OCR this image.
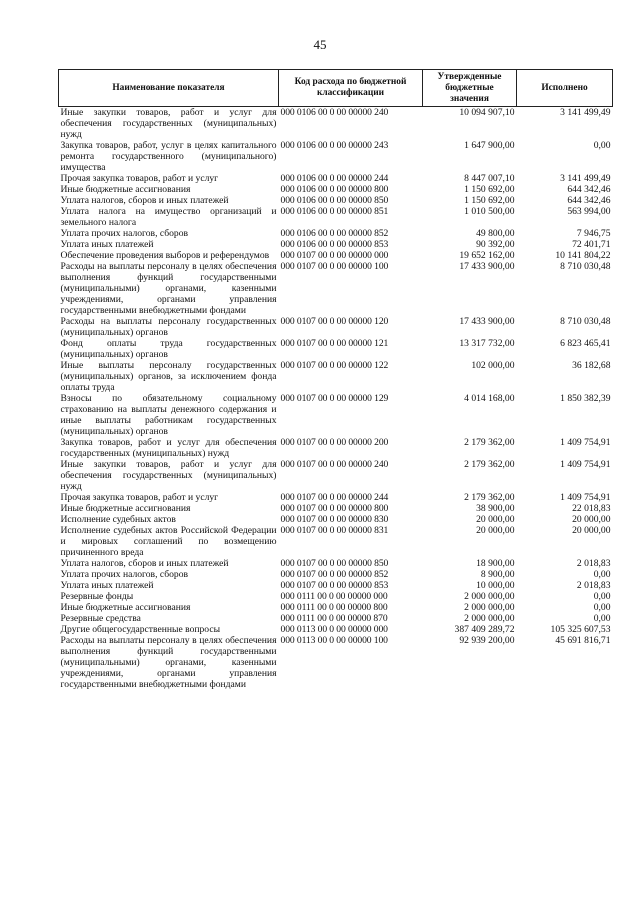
45
Наименование показателя	Код расхода по бюджетной классификации	Утвержденные бюджетные значения	Исполнено
Иные закупки товаров, работ и услуг для обеспечения государственных (муниципальных) нужд	000 0106 00 0 00 00000 240	10 094 907,10	3 141 499,49
Закупка товаров, работ, услуг в целях капитального ремонта государственного (муниципального) имущества	000 0106 00 0 00 00000 243	1 647 900,00	0,00
Прочая закупка товаров, работ и услуг	000 0106 00 0 00 00000 244	8 447 007,10	3 141 499,49
Иные бюджетные ассигнования	000 0106 00 0 00 00000 800	1 150 692,00	644 342,46
Уплата налогов, сборов и иных платежей	000 0106 00 0 00 00000 850	1 150 692,00	644 342,46
Уплата налога на имущество организаций и земельного налога	000 0106 00 0 00 00000 851	1 010 500,00	563 994,00
Уплата прочих налогов, сборов	000 0106 00 0 00 00000 852	49 800,00	7 946,75
Уплата иных платежей	000 0106 00 0 00 00000 853	90 392,00	72 401,71
Обеспечение проведения выборов и референдумов	000 0107 00 0 00 00000 000	19 652 162,00	10 141 804,22
Расходы на выплаты персоналу в целях обеспечения выполнения функций государственными (муниципальными) органами, казенными учреждениями, органами управления государственными внебюджетными фондами	000 0107 00 0 00 00000 100	17 433 900,00	8 710 030,48
Расходы на выплаты персоналу государственных (муниципальных) органов	000 0107 00 0 00 00000 120	17 433 900,00	8 710 030,48
Фонд оплаты труда государственных (муниципальных) органов	000 0107 00 0 00 00000 121	13 317 732,00	6 823 465,41
Иные выплаты персоналу государственных (муниципальных) органов, за исключением фонда оплаты труда	000 0107 00 0 00 00000 122	102 000,00	36 182,68
Взносы по обязательному социальному страхованию на выплаты денежного содержания и иные выплаты работникам государственных (муниципальных) органов	000 0107 00 0 00 00000 129	4 014 168,00	1 850 382,39
Закупка товаров, работ и услуг для обеспечения государственных (муниципальных) нужд	000 0107 00 0 00 00000 200	2 179 362,00	1 409 754,91
Иные закупки товаров, работ и услуг для обеспечения государственных (муниципальных) нужд	000 0107 00 0 00 00000 240	2 179 362,00	1 409 754,91
Прочая закупка товаров, работ и услуг	000 0107 00 0 00 00000 244	2 179 362,00	1 409 754,91
Иные бюджетные ассигнования	000 0107 00 0 00 00000 800	38 900,00	22 018,83
Исполнение судебных актов	000 0107 00 0 00 00000 830	20 000,00	20 000,00
Исполнение судебных актов Российской Федерации и мировых соглашений по возмещению причиненного вреда	000 0107 00 0 00 00000 831	20 000,00	20 000,00
Уплата налогов, сборов и иных платежей	000 0107 00 0 00 00000 850	18 900,00	2 018,83
Уплата прочих налогов, сборов	000 0107 00 0 00 00000 852	8 900,00	0,00
Уплата иных платежей	000 0107 00 0 00 00000 853	10 000,00	2 018,83
Резервные фонды	000 0111 00 0 00 00000 000	2 000 000,00	0,00
Иные бюджетные ассигнования	000 0111 00 0 00 00000 800	2 000 000,00	0,00
Резервные средства	000 0111 00 0 00 00000 870	2 000 000,00	0,00
Другие общегосударственные вопросы	000 0113 00 0 00 00000 000	387 409 289,72	105 325 607,53
Расходы на выплаты персоналу в целях обеспечения выполнения функций государственными (муниципальными) органами, казенными учреждениями, органами управления государственными внебюджетными фондами	000 0113 00 0 00 00000 100	92 939 200,00	45 691 816,71
